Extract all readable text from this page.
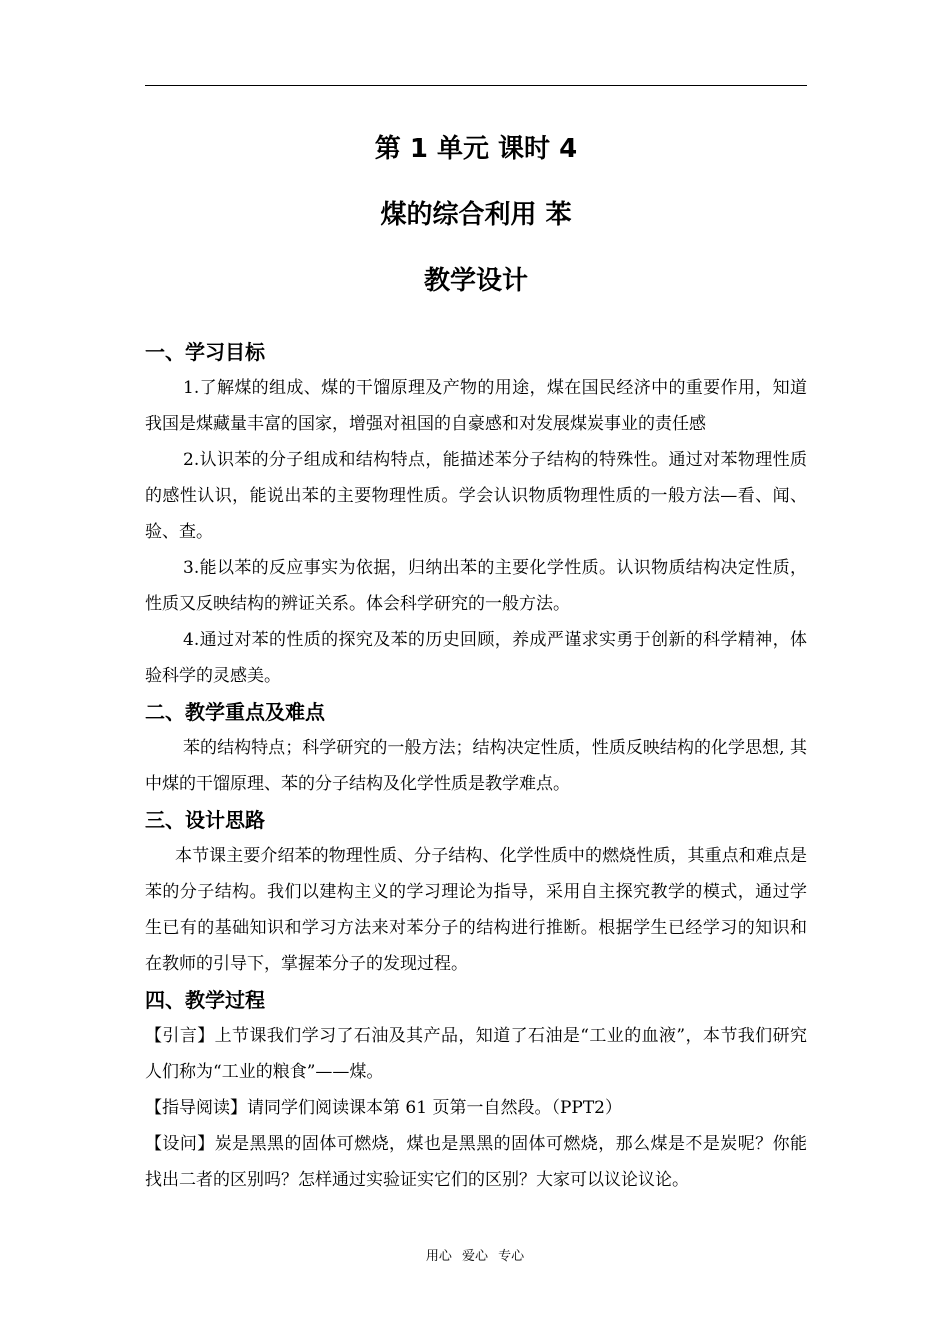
第 1 单元 课时 4

煤的综合利用 苯

教学设计

一、学习目标

1.了解煤的组成、煤的干馏原理及产物的用途，煤在国民经济中的重要作用，知道我国是煤藏量丰富的国家，增强对祖国的自豪感和对发展煤炭事业的责任感

2.认识苯的分子组成和结构特点，能描述苯分子结构的特殊性。通过对苯物理性质的感性认识，能说出苯的主要物理性质。学会认识物质物理性质的一般方法—看、闻、验、查。

3.能以苯的反应事实为依据，归纳出苯的主要化学性质。认识物质结构决定性质，性质又反映结构的辨证关系。体会科学研究的一般方法。

4.通过对苯的性质的探究及苯的历史回顾，养成严谨求实勇于创新的科学精神，体验科学的灵感美。

二、教学重点及难点

苯的结构特点；科学研究的一般方法；结构决定性质，性质反映结构的化学思想, 其中煤的干馏原理、苯的分子结构及化学性质是教学难点。

三、设计思路

本节课主要介绍苯的物理性质、分子结构、化学性质中的燃烧性质，其重点和难点是苯的分子结构。我们以建构主义的学习理论为指导，采用自主探究教学的模式，通过学生已有的基础知识和学习方法来对苯分子的结构进行推断。根据学生已经学习的知识和在教师的引导下，掌握苯分子的发现过程。

四、教学过程

【引言】上节课我们学习了石油及其产品，知道了石油是“工业的血液”，本节我们研究人们称为“工业的粮食”——煤。

【指导阅读】请同学们阅读课本第 61 页第一自然段。（PPT2）

【设问】炭是黑黑的固体可燃烧，煤也是黑黑的固体可燃烧，那么煤是不是炭呢？你能找出二者的区别吗？怎样通过实验证实它们的区别？大家可以议论议论。

用心 爱心 专心
